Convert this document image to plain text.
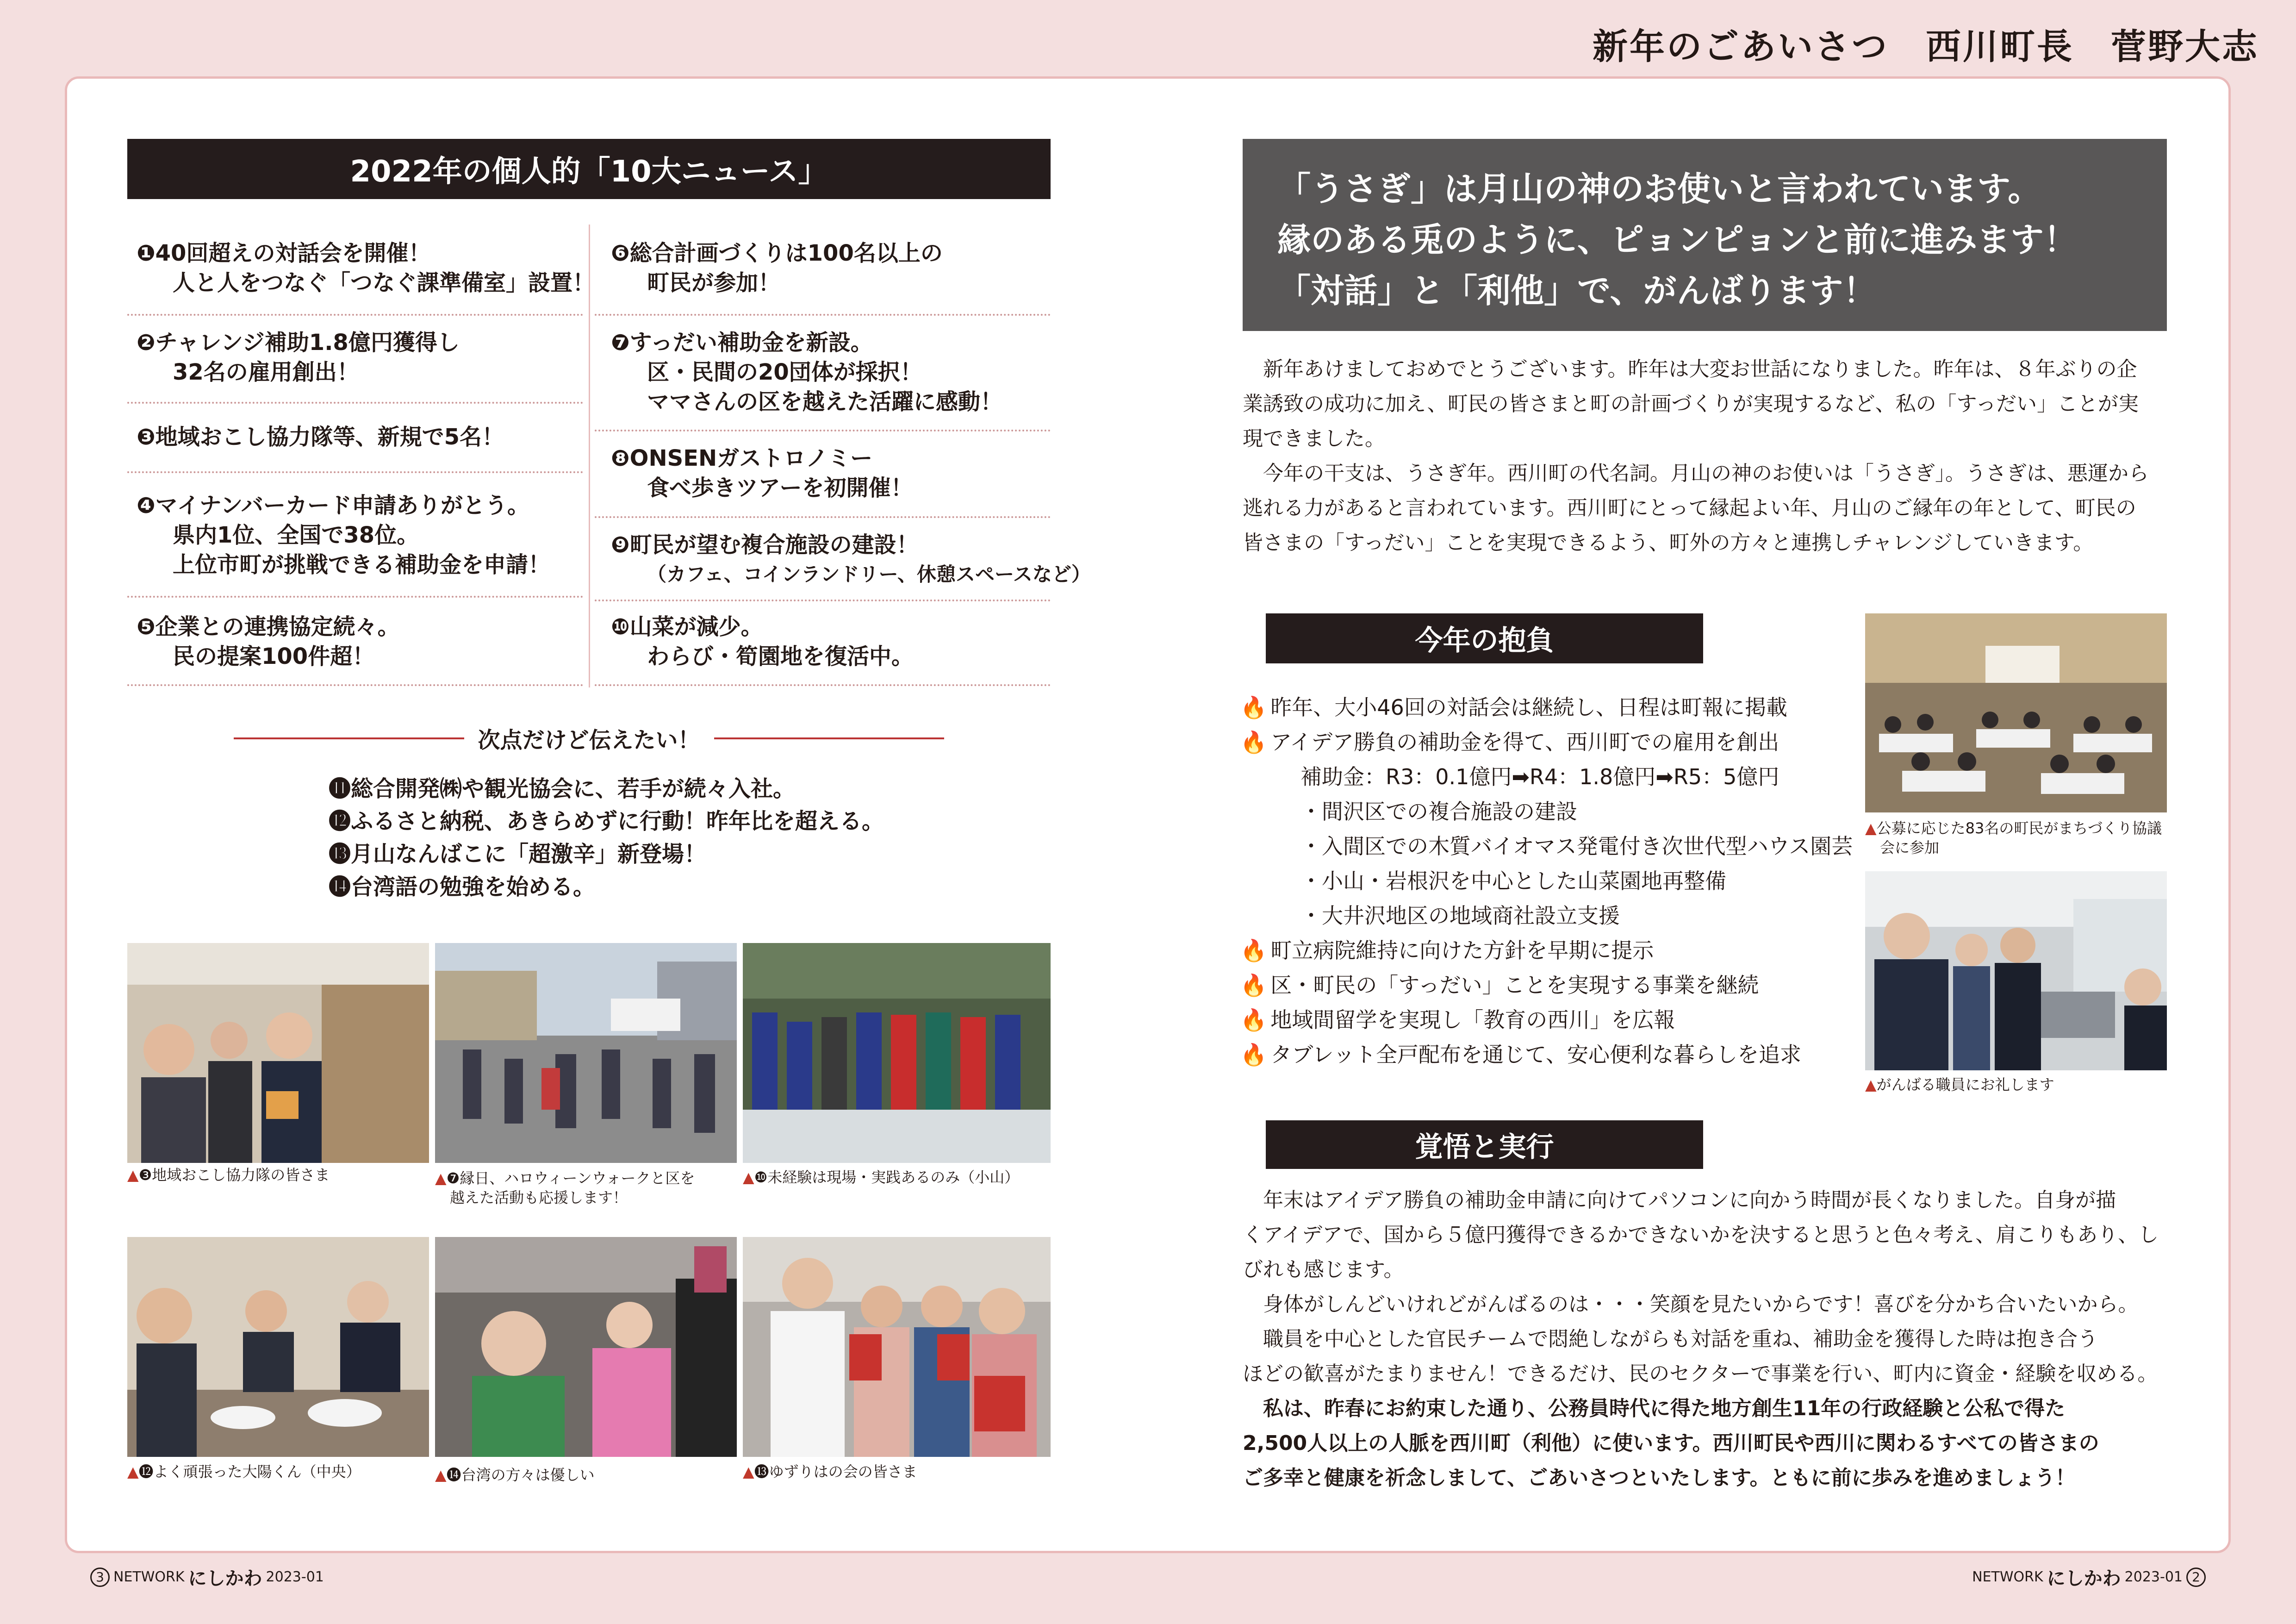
新年のごあいさつ　西川町長　菅野大志
2022年の個人的「10大ニュース」
❶40回超えの対話会を開催！
人と人をつなぐ「つなぐ課準備室」設置！
❷チャレンジ補助1.8億円獲得し
32名の雇用創出！
❸地域おこし協力隊等、新規で5名！
❹マイナンバーカード申請ありがとう。
県内1位、全国で38位。
上位市町が挑戦できる補助金を申請！
❺企業との連携協定続々。
民の提案100件超！
❻総合計画づくりは100名以上の
町民が参加！
❼すっだい補助金を新設。
区・民間の20団体が採択！
ママさんの区を越えた活躍に感動！
❽ONSENガストロノミー
食べ歩きツアーを初開催！
❾町民が望む複合施設の建設！
（カフェ、コインランドリー、休憩スペースなど）
❿山菜が減少。
わらび・筍園地を復活中。
次点だけど伝えたい！
⓫総合開発㈱や観光協会に、若手が続々入社。
⓬ふるさと納税、あきらめずに行動！昨年比を超える。
⓭月山なんばこに「超激辛」新登場！
⓮台湾語の勉強を始める。
▲❸地域おこし協力隊の皆さま	▲❼縁日、ハロウィーンウォークと区を
越えた活動も応援します！
▲❿未経験は現場・実践あるのみ（小山）
▲⓬よく頑張った大陽くん（中央）	▲⓮台湾の方々は優しい	▲⓭ゆずりはの会の皆さま
「うさぎ」は月山の神のお使いと言われています。
縁のある兎のように、ピョンピョンと前に進みます！
「対話」と「利他」で、がんばります！
　新年あけましておめでとうございます。昨年は大変お世話になりました。昨年は、８年ぶりの企
業誘致の成功に加え、町民の皆さまと町の計画づくりが実現するなど、私の「すっだい」ことが実
現できました。
　今年の干支は、うさぎ年。西川町の代名詞。月山の神のお使いは「うさぎ」。うさぎは、悪運から
逃れる力があると言われています。西川町にとって縁起よい年、月山のご縁年の年として、町民の
皆さまの「すっだい」ことを実現できるよう、町外の方々と連携しチャレンジしていきます。
今年の抱負
🔥 昨年、大小46回の対話会は継続し、日程は町報に掲載
🔥 アイデア勝負の補助金を得て、西川町での雇用を創出
補助金：R3：0.1億円➡R4：1.8億円➡R5：5億円
・間沢区での複合施設の建設
・入間区での木質バイオマス発電付き次世代型ハウス園芸
・小山・岩根沢を中心とした山菜園地再整備
・大井沢地区の地域商社設立支援
🔥 町立病院維持に向けた方針を早期に提示
🔥 区・町民の「すっだい」ことを実現する事業を継続
🔥 地域間留学を実現し「教育の西川」を広報
🔥 タブレット全戸配布を通じて、安心便利な暮らしを追求
▲公募に応じた83名の町民がまちづくり協議
会に参加
▲がんばる職員にお礼します
覚悟と実行
　年末はアイデア勝負の補助金申請に向けてパソコンに向かう時間が長くなりました。自身が描
くアイデアで、国から５億円獲得できるかできないかを決すると思うと色々考え、肩こりもあり、し
びれも感じます。
　身体がしんどいけれどがんばるのは・・・笑顔を見たいからです！喜びを分かち合いたいから。
　職員を中心とした官民チームで悶絶しながらも対話を重ね、補助金を獲得した時は抱き合う
ほどの歓喜がたまりません！できるだけ、民のセクターで事業を行い、町内に資金・経験を収める。
　私は、昨春にお約束した通り、公務員時代に得た地方創生11年の行政経験と公私で得た
2,500人以上の人脈を西川町（利他）に使います。西川町民や西川に関わるすべての皆さまの
ご多幸と健康を祈念しまして、ごあいさつといたします。ともに前に歩みを進めましょう！
3 NETWORK にしかわ 2023-01	NETWORK にしかわ 2023-01 2
